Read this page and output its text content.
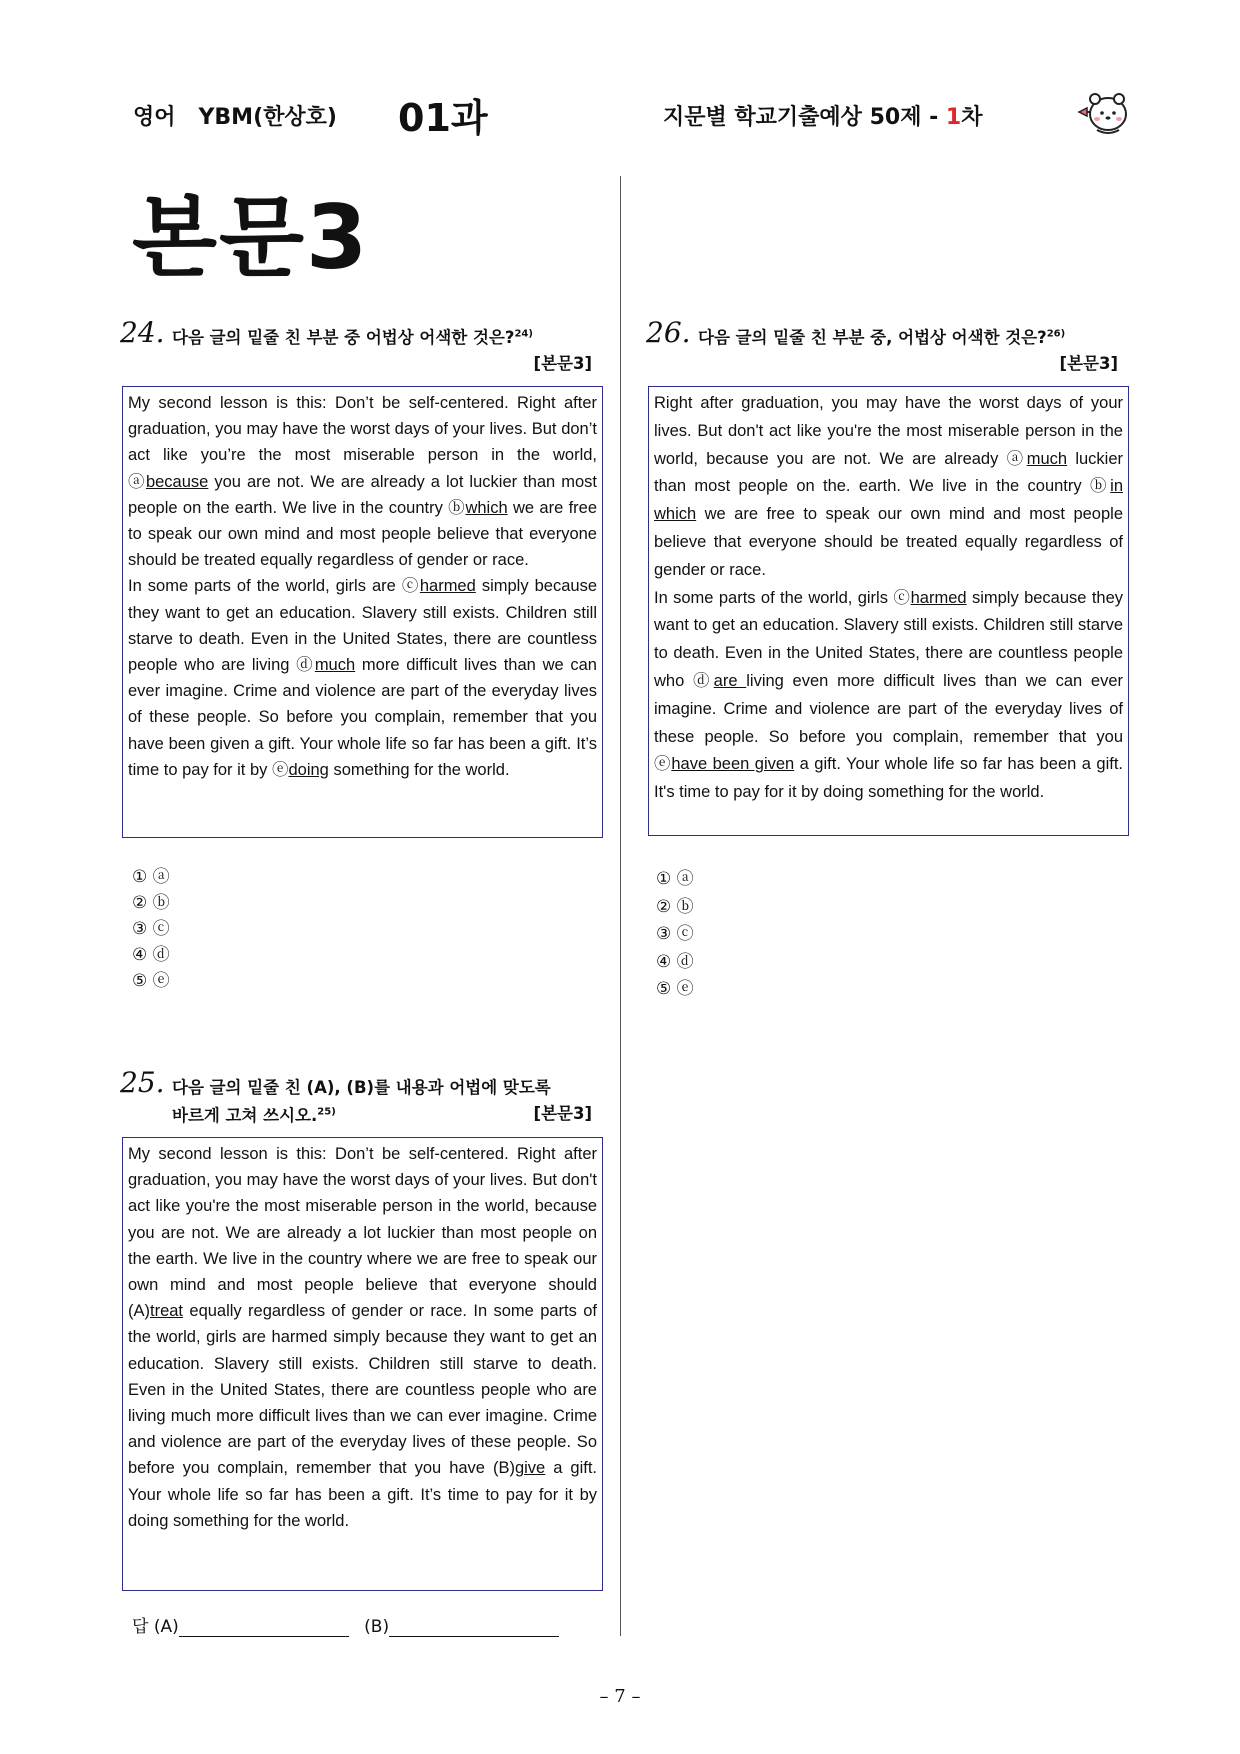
영어   YBM(한상호) 01과	지문별 학교기출예상 50제 - 1차
본문3
24. 다음 글의 밑줄 친 부분 중 어법상 어색한 것은?$^{24)}$
[본문3]

My second lesson is this: Don’t be self-centered. Right after graduation, you may have the worst days of your lives. But don’t act like you’re the most miserable person in the world, ⓐbecause you are not. We are already a lot luckier than most people on the earth. We live in the country ⓑwhich we are free to speak our own mind and most people believe that everyone should be treated equally regardless of gender or race.

In some parts of the world, girls are ⓒharmed simply because they want to get an education. Slavery still exists. Children still starve to death. Even in the United States, there are countless people who are living ⓓmuch more difficult lives than we can ever imagine. Crime and violence are part of the everyday lives of these people. So before you complain, remember that you have been given a gift. Your whole life so far has been a gift. It’s time to pay for it by ⓔdoing something for the world.

① ⓐ
② ⓑ
③ ⓒ
④ ⓓ
⑤ ⓔ
25. 다음 글의 밑줄 친 (A), (B)를 내용과 어법에 맞도록
바르게 고쳐 쓰시오.$^{25)}$	[본문3]

My second lesson is this: Don’t be self-centered. Right after graduation, you may have the worst days of your lives. But don't act like you're the most miserable person in the world, because you are not. We are already a lot luckier than most people on the earth. We live in the country where we are free to speak our own mind and most people believe that everyone should (A)treat equally regardless of gender or race. In some parts of the world, girls are harmed simply because they want to get an education. Slavery still exists. Children still starve to death. Even in the United States, there are countless people who are living much more difficult lives than we can ever imagine. Crime and violence are part of the everyday lives of these people. So before you complain, remember that you have (B)give a gift. Your whole life so far has been a gift. It’s time to pay for it by doing something for the world.

답 (A)	(B)
26. 다음 글의 밑줄 친 부분 중, 어법상 어색한 것은?$^{26)}$
[본문3]

Right after graduation, you may have the worst days of your lives. But don't act like you're the most miserable person in the world, because you are not. We are already ⓐmuch luckier than most people on the. earth. We live in the country ⓑin which we are free to speak our own mind and most people believe that everyone should be treated equally regardless of gender or race.

In some parts of the world, girls ⓒharmed simply because they want to get an education. Slavery still exists. Children still starve to death. Even in the United States, there are countless people who ⓓare living even more difficult lives than we can ever imagine. Crime and violence are part of the everyday lives of these people. So before you complain, remember that you ⓔhave been given a gift. Your whole life so far has been a gift. It's time to pay for it by doing something for the world.

① ⓐ
② ⓑ
③ ⓒ
④ ⓓ
⑤ ⓔ
– 7 –
